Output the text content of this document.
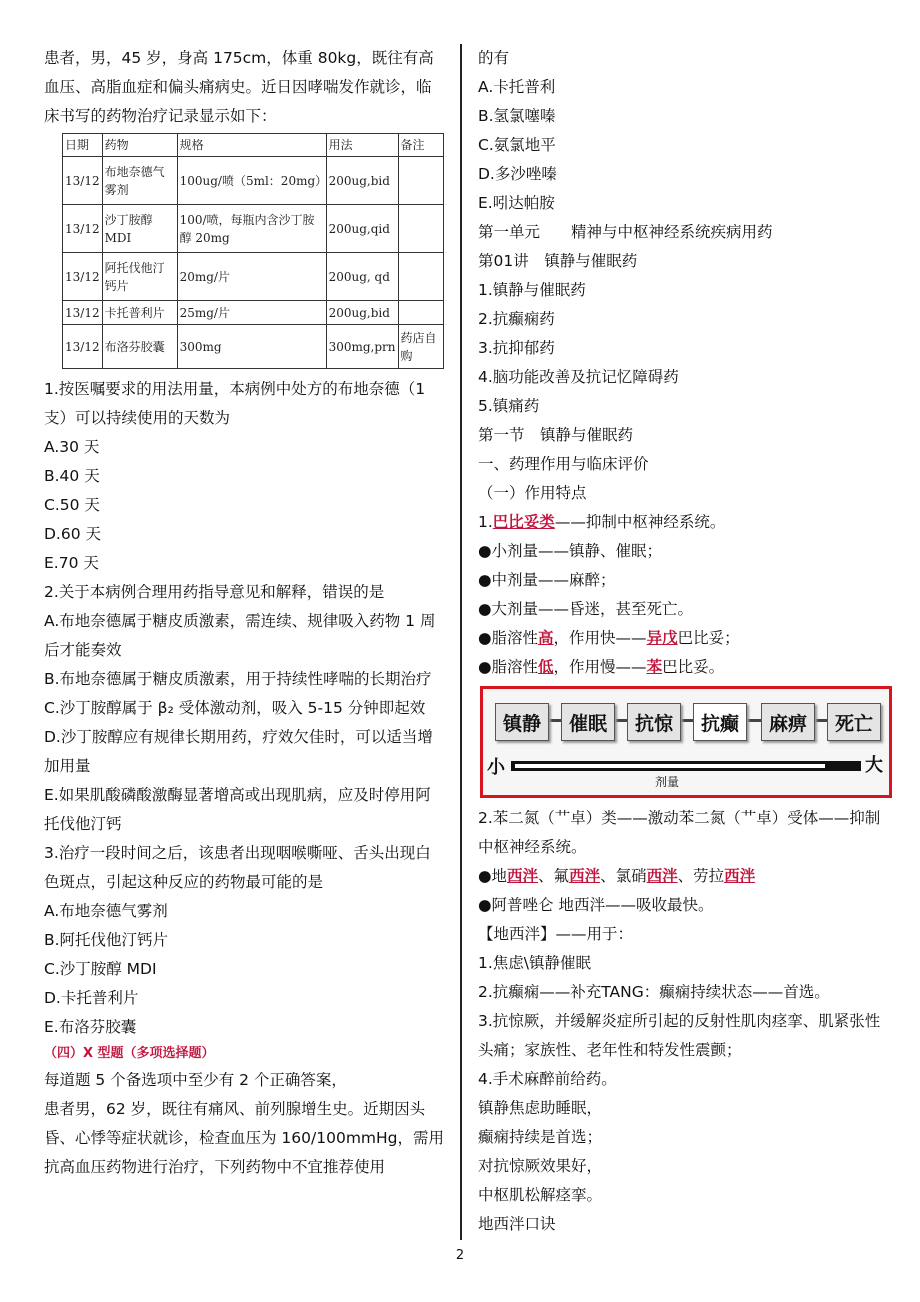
患者，男，45 岁，身高 175cm，体重 80kg，既往有高血压、高脂血症和偏头痛病史。近日因哮喘发作就诊，临床书写的药物治疗记录显示如下：

日期	药物	规格	用法	备注
13/12	布地奈德气雾剂	100ug/喷（5ml：20mg）	200ug,bid	
13/12	沙丁胺醇MDI	100/喷，每瓶内含沙丁胺醇 20mg	200ug,qid	
13/12	阿托伐他汀钙片	20mg/片	200ug, qd	
13/12	卡托普利片	25mg/片	200ug,bid	
13/12	布洛芬胶囊	300mg	300mg,prn	药店自购

1.按医嘱要求的用法用量，本病例中处方的布地奈德（1 支）可以持续使用的天数为

A.30 天

B.40 天

C.50 天

D.60 天

E.70 天

2.关于本病例合理用药指导意见和解释，错误的是

A.布地奈德属于糖皮质激素，需连续、规律吸入药物 1 周后才能奏效

B.布地奈德属于糖皮质激素，用于持续性哮喘的长期治疗

C.沙丁胺醇属于 β₂ 受体激动剂，吸入 5-15 分钟即起效

D.沙丁胺醇应有规律长期用药，疗效欠佳时，可以适当增加用量

E.如果肌酸磷酸激酶显著增高或出现肌病，应及时停用阿托伐他汀钙

3.治疗一段时间之后，该患者出现咽喉嘶哑、舌头出现白色斑点，引起这种反应的药物最可能的是

A.布地奈德气雾剂

B.阿托伐他汀钙片

C.沙丁胺醇 MDI

D.卡托普利片

E.布洛芬胶囊

（四）X 型题（多项选择题）

每道题 5 个备选项中至少有 2 个正确答案，

患者男，62 岁，既往有痛风、前列腺增生史。近期因头昏、心悸等症状就诊，检查血压为 160/100mmHg，需用抗高血压药物进行治疗，下列药物中不宜推荐使用

的有

A.卡托普利

B.氢氯噻嗪

C.氨氯地平

D.多沙唑嗪

E.吲达帕胺

第一单元　　精神与中枢神经系统疾病用药

第01讲　镇静与催眠药

1.镇静与催眠药

2.抗癫痫药

3.抗抑郁药

4.脑功能改善及抗记忆障碍药

5.镇痛药

第一节　镇静与催眠药

一、药理作用与临床评价

（一）作用特点

1.巴比妥类——抑制中枢神经系统。

●小剂量——镇静、催眠；

●中剂量——麻醉；

●大剂量——昏迷，甚至死亡。

●脂溶性高，作用快——异戊巴比妥；

●脂溶性低，作用慢——苯巴比妥。

镇静	催眠	抗惊	抗癫	麻痹	死亡
小	大
剂量

2.苯二氮（艹卓）类——激动苯二氮（艹卓）受体——抑制中枢神经系统。

●地西泮、氟西泮、氯硝西泮、劳拉西泮

●阿普唑仑 地西泮——吸收最快。

【地西泮】——用于：

1.焦虑\镇静催眠

2.抗癫痫——补充TANG：癫痫持续状态——首选。

3.抗惊厥，并缓解炎症所引起的反射性肌肉痉挛、肌紧张性头痛；家族性、老年性和特发性震颤；

4.手术麻醉前给药。

镇静焦虑助睡眠，

癫痫持续是首选；

对抗惊厥效果好，

中枢肌松解痉挛。

地西泮口诀

2
